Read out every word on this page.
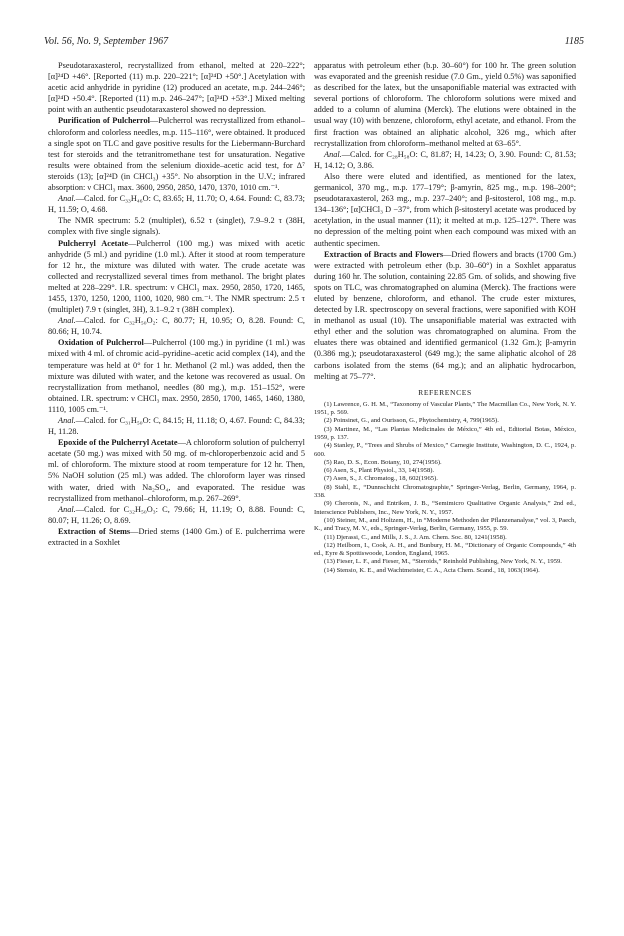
Vol. 56, No. 9, September 1967	1185

Pseudotaraxasterol, recrystallized from ethanol, melted at 220–222°; [α]²⁴D +46°. [Reported (11) m.p. 220–221°; [α]²⁴D +50°.] Acetylation with acetic acid anhydride in pyridine (12) produced an acetate, m.p. 244–246°; [α]²⁴D +50.4°. [Reported (11) m.p. 246–247°; [α]²⁴D +53°.] Mixed melting point with an authentic pseudotaraxasterol showed no depression.

Purification of Pulcherrol—Pulcherrol was recrystallized from ethanol–chloroform and colorless needles, m.p. 115–116°, were obtained. It produced a single spot on TLC and gave positive results for the Liebermann-Burchard test for steroids and the tetranitromethane test for unsaturation. Negative results were obtained from the selenium dioxide–acetic acid test, for Δ⁷ steroids (13); [α]²⁴D (in CHCl₃) +35°. No absorption in the U.V.; infrared absorption: ν CHCl₃ max. 3600, 2950, 2850, 1470, 1370, 1010 cm.⁻¹.

Anal.—Calcd. for C₃₃H₄₆O: C, 83.65; H, 11.70; O, 4.64. Found: C, 83.73; H, 11.59; O, 4.68.

The NMR spectrum: 5.2 (multiplet), 6.52 τ (singlet), 7.9–9.2 τ (38H, complex with five single signals).

Pulcherryl Acetate—Pulcherrol (100 mg.) was mixed with acetic anhydride (5 ml.) and pyridine (1.0 ml.). After it stood at room temperature for 12 hr., the mixture was diluted with water. The crude acetate was collected and recrystallized several times from methanol. The bright plates melted at 228–229°. I.R. spectrum: ν CHCl₃ max. 2950, 2850, 1720, 1465, 1455, 1370, 1250, 1200, 1100, 1020, 980 cm.⁻¹. The NMR spectrum: 2.5 τ (multiplet) 7.9 τ (singlet, 3H), 3.1–9.2 τ (38H complex).

Anal.—Calcd. for C₃₂H₅₀O₂: C, 80.77; H, 10.95; O, 8.28. Found: C, 80.66; H, 10.74.

Oxidation of Pulcherrol—Pulcherrol (100 mg.) in pyridine (1 ml.) was mixed with 4 ml. of chromic acid–pyridine–acetic acid complex (14), and the temperature was held at 0° for 1 hr. Methanol (2 ml.) was added, then the mixture was diluted with water, and the ketone was recovered as usual. On recrystallization from methanol, needles (80 mg.), m.p. 151–152°, were obtained. I.R. spectrum: ν CHCl₃ max. 2950, 2850, 1700, 1465, 1460, 1380, 1110, 1005 cm.⁻¹.

Anal.—Calcd. for C₃₁H₅₀O: C, 84.15; H, 11.18; O, 4.67. Found: C, 84.33; H, 11.28.

Epoxide of the Pulcherryl Acetate—A chloroform solution of pulcherryl acetate (50 mg.) was mixed with 50 mg. of m-chloroperbenzoic acid and 5 ml. of chloroform. The mixture stood at room temperature for 12 hr. Then, 5% NaOH solution (25 ml.) was added. The chloroform layer was rinsed with water, dried with Na₂SO₄, and evaporated. The residue was recrystallized from methanol–chloroform, m.p. 267–269°.

Anal.—Calcd. for C₃₂H₅₀O₃: C, 79.66; H, 11.19; O, 8.88. Found: C, 80.07; H, 11.26; O, 8.69.

Extraction of Stems—Dried stems (1400 Gm.) of E. pulcherrima were extracted in a Soxhlet

apparatus with petroleum ether (b.p. 30–60°) for 100 hr. The green solution was evaporated and the greenish residue (7.0 Gm., yield 0.5%) was saponified as described for the latex, but the unsaponifiable material was extracted with several portions of chloroform. The chloroform solutions were mixed and added to a column of alumina (Merck). The elutions were obtained in the usual way (10) with benzene, chloroform, ethyl acetate, and ethanol. From the first fraction was obtained an aliphatic alcohol, 326 mg., which after recrystallization from chloroform–methanol melted at 63–65°.

Anal.—Calcd. for C₂₈H₅₈O: C, 81.87; H, 14.23; O, 3.90. Found: C, 81.53; H, 14.12; O, 3.86.

Also there were eluted and identified, as mentioned for the latex, germanicol, 370 mg., m.p. 177–179°; β-amyrin, 825 mg., m.p. 198–200°; pseudotaraxasterol, 263 mg., m.p. 237–240°; and β-sitosterol, 108 mg., m.p. 134–136°; [α]CHCl₃ D −37°, from which β-sitosteryl acetate was produced by acetylation, in the usual manner (11); it melted at m.p. 125–127°. There was no depression of the melting point when each compound was mixed with an authentic specimen.

Extraction of Bracts and Flowers—Dried flowers and bracts (1700 Gm.) were extracted with petroleum ether (b.p. 30–60°) in a Soxhlet apparatus during 160 hr. The solution, containing 22.85 Gm. of solids, and showing five spots on TLC, was chromatographed on alumina (Merck). The fractions were eluted by benzene, chloroform, and ethanol. The crude ester mixtures, detected by I.R. spectroscopy on several fractions, were saponified with KOH in methanol as usual (10). The unsaponifiable material was extracted with ethyl ether and the solution was chromatographed on alumina. From the eluates there was obtained and identified germanicol (1.32 Gm.); β-amyrin (0.386 mg.); pseudotaraxasterol (649 mg.); the same aliphatic alcohol of 28 carbons isolated from the stems (64 mg.); and an aliphatic hydrocarbon, melting at 75–77°.

REFERENCES

(1) Lawrence, G. H. M., “Taxonomy of Vascular Plants,” The Macmillan Co., New York, N. Y. 1951, p. 569.

(2) Poinsinet, G., and Ourisson, G., Phytochemistry, 4, 799(1965).

(3) Martinez, M., “Las Plantas Medicinales de México,” 4th ed., Editorial Botas, México, 1959, p. 137.

(4) Stanley, P., “Trees and Shrubs of Mexico,” Carnegie Institute, Washington, D. C., 1924, p. 600.

(5) Rao, D. S., Econ. Botany, 10, 274(1956).

(6) Asen, S., Plant Physiol., 33, 14(1958).

(7) Asen, S., J. Chromatog., 18, 602(1965).

(8) Stahl, E., “Dunnschicht Chromatographie,” Springer-Verlag, Berlin, Germany, 1964, p. 338.

(9) Cheronis, N., and Entriken, J. B., “Semimicro Qualitative Organic Analysis,” 2nd ed., Interscience Publishers, Inc., New York, N. Y., 1957.

(10) Steiner, M., and Holtzem, H., in “Moderne Methoden der Pflanzenanalyse,” vol. 3, Paech, K., and Tracy, M. V., eds., Springer-Verlag, Berlin, Germany, 1955, p. 59.

(11) Djerassi, C., and Mills, J. S., J. Am. Chem. Soc. 80, 1241(1958).

(12) Heilborn, I., Cook, A. H., and Bunbury, H. M., “Dictionary of Organic Compounds,” 4th ed., Eyre & Spottiswoode, London, England, 1965.

(13) Fieser, L. F., and Fieser, M., “Steroids,” Reinhold Publishing, New York, N. Y., 1959.

(14) Stensio, K. E., and Wachtmeister, C. A., Acta Chem. Scand., 18, 1063(1964).
